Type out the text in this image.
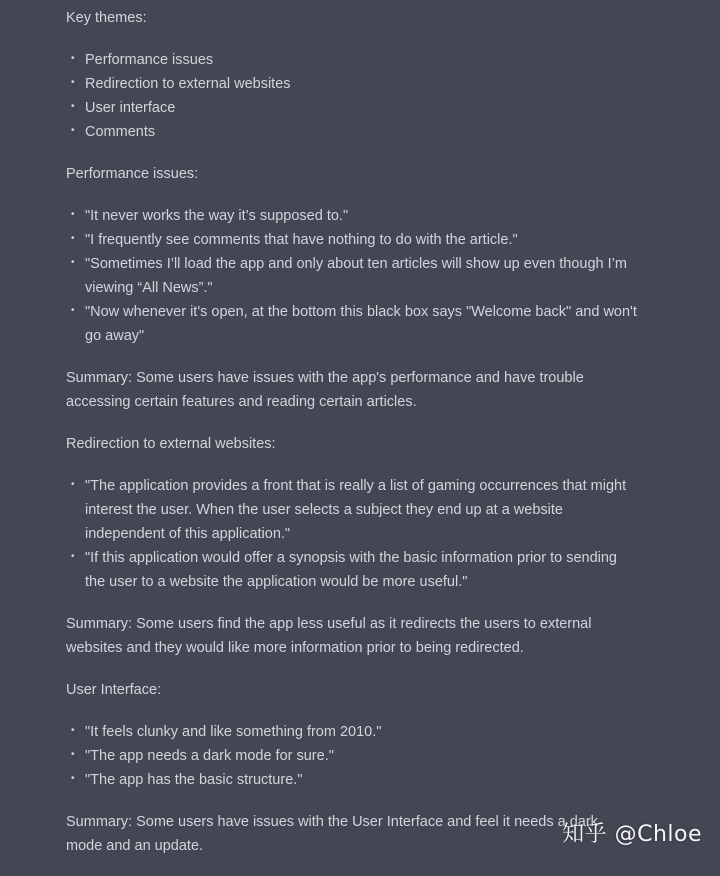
Key themes:

• Performance issues
• Redirection to external websites
• User interface
• Comments

Performance issues:

• "It never works the way it’s supposed to."
• "I frequently see comments that have nothing to do with the article."
• "Sometimes I’ll load the app and only about ten articles will show up even though I’m viewing “All News”."
• "Now whenever it's open, at the bottom this black box says "Welcome back" and won't go away"

Summary: Some users have issues with the app's performance and have trouble accessing certain features and reading certain articles.

Redirection to external websites:

• "The application provides a front that is really a list of gaming occurrences that might interest the user. When the user selects a subject they end up at a website independent of this application."
• "If this application would offer a synopsis with the basic information prior to sending the user to a website the application would be more useful."

Summary: Some users find the app less useful as it redirects the users to external websites and they would like more information prior to being redirected.

User Interface:

• "It feels clunky and like something from 2010."
• "The app needs a dark mode for sure."
• "The app has the basic structure."

Summary: Some users have issues with the User Interface and feel it needs a dark mode and an update.	知乎 @Chloe
